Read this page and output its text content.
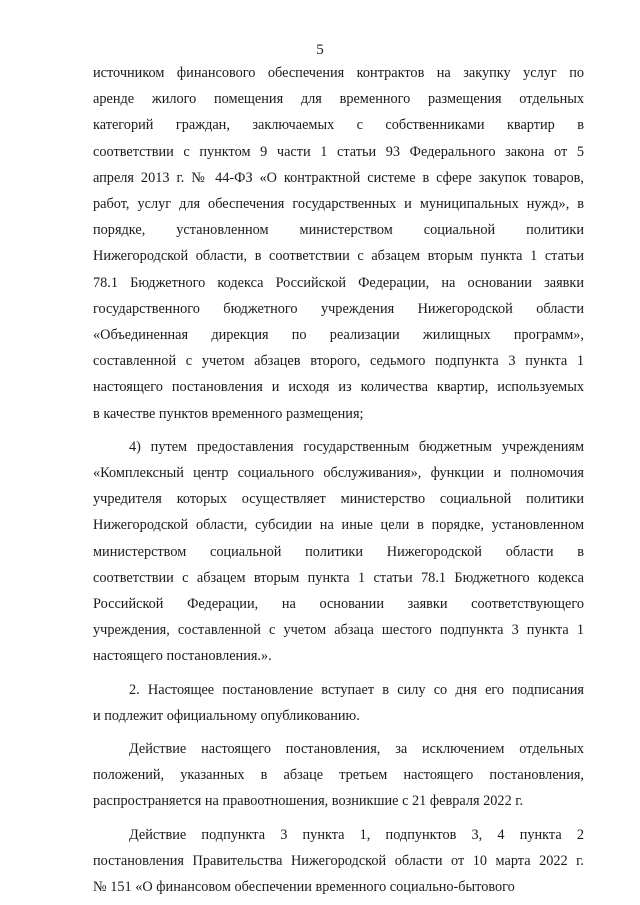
5
источником финансового обеспечения контрактов на закупку услуг по
аренде жилого помещения для временного размещения отдельных
категорий граждан, заключаемых с собственниками квартир в
соответствии с пунктом 9 части 1 статьи 93 Федерального закона от 5
апреля 2013 г. № 44-ФЗ «О контрактной системе в сфере закупок товаров,
работ, услуг для обеспечения государственных и муниципальных нужд», в
порядке, установленном министерством социальной политики
Нижегородской области, в соответствии с абзацем вторым пункта 1 статьи
78.1 Бюджетного кодекса Российской Федерации, на основании заявки
государственного бюджетного учреждения Нижегородской области
«Объединенная дирекция по реализации жилищных программ»,
составленной с учетом абзацев второго, седьмого подпункта 3 пункта 1
настоящего постановления и исходя из количества квартир, используемых
в качестве пунктов временного размещения;
4) путем предоставления государственным бюджетным учреждениям
«Комплексный центр социального обслуживания», функции и полномочия
учредителя которых осуществляет министерство социальной политики
Нижегородской области, субсидии на иные цели в порядке, установленном
министерством социальной политики Нижегородской области в
соответствии с абзацем вторым пункта 1 статьи 78.1 Бюджетного кодекса
Российской Федерации, на основании заявки соответствующего
учреждения, составленной с учетом абзаца шестого подпункта 3 пункта 1
настоящего постановления.».
2. Настоящее постановление вступает в силу со дня его подписания
и подлежит официальному опубликованию.
Действие настоящего постановления, за исключением отдельных
положений, указанных в абзаце третьем настоящего постановления,
распространяется на правоотношения, возникшие с 21 февраля 2022 г.
Действие подпункта 3 пункта 1, подпунктов 3, 4 пункта 2
постановления Правительства Нижегородской области от 10 марта 2022 г.
№ 151 «О финансовом обеспечении временного социально-бытового
